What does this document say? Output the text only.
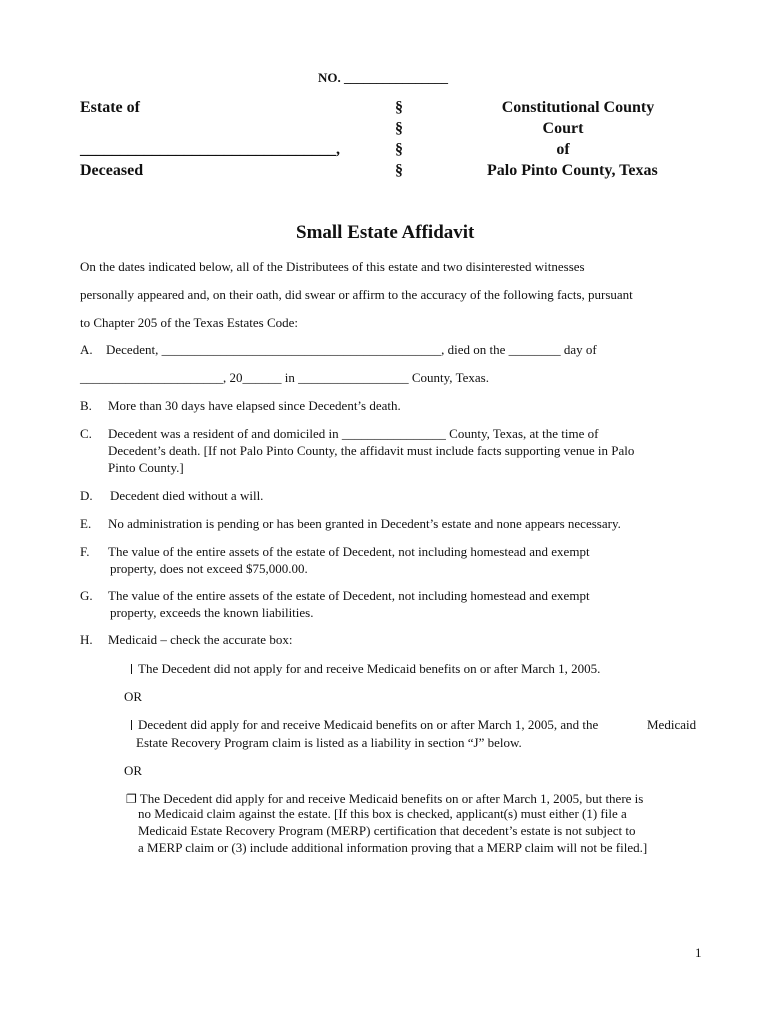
NO. ________________
Estate of
________________________________,
Deceased
§
§
§
§
Constitutional County
Court
of
Palo Pinto County, Texas
Small Estate Affidavit
On the dates indicated below, all of the Distributees of this estate and two disinterested witnesses
personally appeared and, on their oath, did swear or affirm to the accuracy of the following facts, pursuant
to Chapter 205 of the Texas Estates Code:
A. Decedent, ___________________________________________, died on the ________ day of
______________________, 20______ in _________________ County, Texas.
B. More than 30 days have elapsed since Decedent’s death.
C. Decedent was a resident of and domiciled in ________________ County, Texas, at the time of
Decedent’s death. [If not Palo Pinto County, the affidavit must include facts supporting venue in Palo
Pinto County.]
D. Decedent died without a will.
E. No administration is pending or has been granted in Decedent’s estate and none appears necessary.
F. The value of the entire assets of the estate of Decedent, not including homestead and exempt
property, does not exceed $75,000.00.
G. The value of the entire assets of the estate of Decedent, not including homestead and exempt
property, exceeds the known liabilities.
H. Medicaid – check the accurate box:
The Decedent did not apply for and receive Medicaid benefits on or after March 1, 2005.
OR
Decedent did apply for and receive Medicaid benefits on or after March 1, 2005, and the	Medicaid
Estate Recovery Program claim is listed as a liability in section “J” below.
OR
❐ The Decedent did apply for and receive Medicaid benefits on or after March 1, 2005, but there is
no Medicaid claim against the estate. [If this box is checked, applicant(s) must either (1) file a
Medicaid Estate Recovery Program (MERP) certification that decedent’s estate is not subject to
a MERP claim or (3) include additional information proving that a MERP claim will not be filed.]
1
